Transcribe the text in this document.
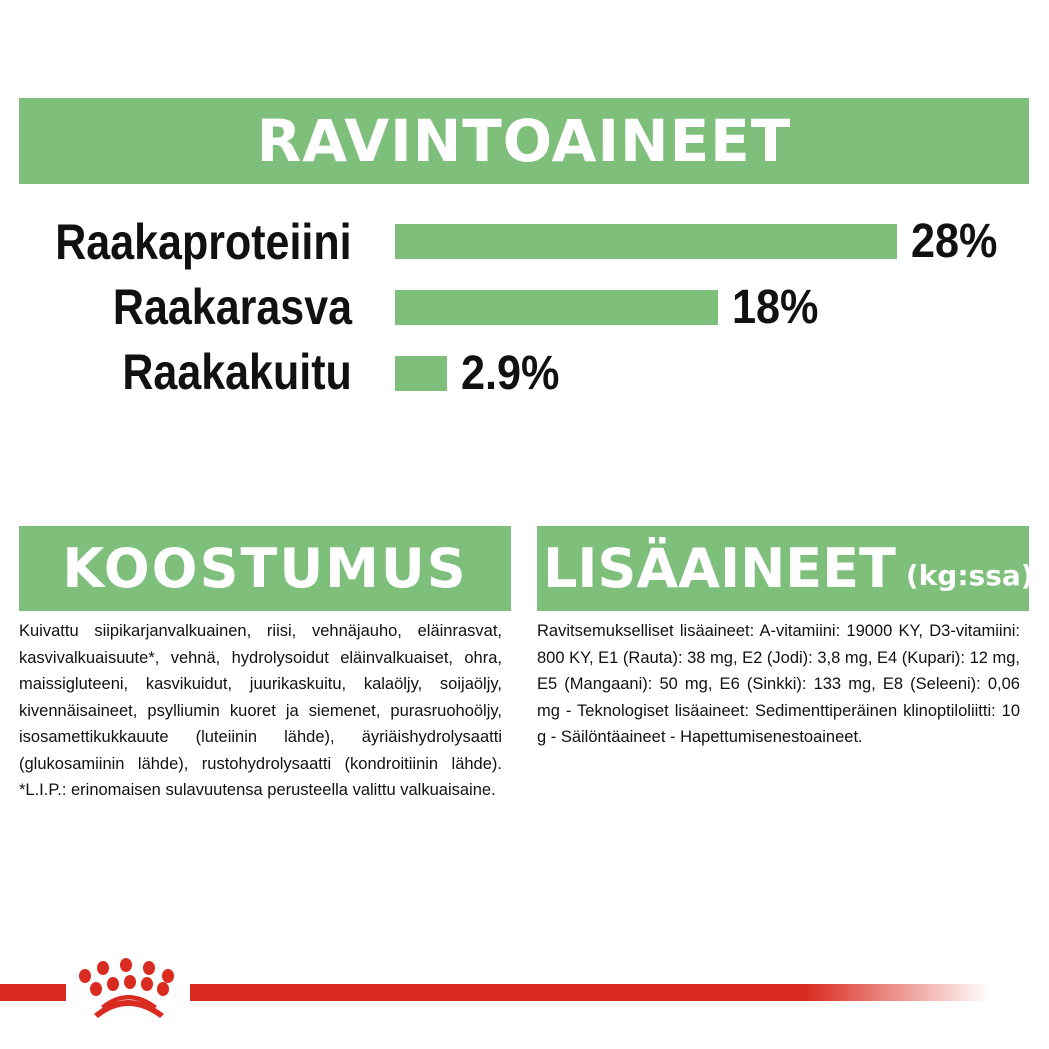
RAVINTOAINEET
Raakaproteiini	28%
Raakarasva	18%
Raakakuitu 2.9%
KOOSTUMUS
Kuivattu siipikarjanvalkuainen, riisi, vehnäjauho, eläinrasvat, kasvivalkuaisuute*, vehnä, hydrolysoidut eläinvalkuaiset, ohra, maissigluteeni, kasvikuidut, juurikaskuitu, kalaöljy, soijaöljy, kivennäisaineet, psylliumin kuoret ja siemenet, purasruohoöljy, isosamettikukkauute (luteiinin lähde), äyriäishydrolysaatti (glukosamiinin lähde), rustohydrolysaatti (kondroitiinin lähde). *L.I.P.: erinomaisen sulavuutensa perusteella valittu valkuaisaine.
LISÄAINEET (kg:ssa)
Ravitsemukselliset lisäaineet: A-vitamiini: 19000 KY, D3-vitamiini: 800 KY, E1 (Rauta): 38 mg, E2 (Jodi): 3,8 mg, E4 (Kupari): 12 mg, E5 (Mangaani): 50 mg, E6 (Sinkki): 133 mg, E8 (Seleeni): 0,06 mg - Teknologiset lisäaineet: Sedimenttiperäinen klinoptiloliitti: 10 g - Säilöntäaineet - Hapettumisenestoaineet.
